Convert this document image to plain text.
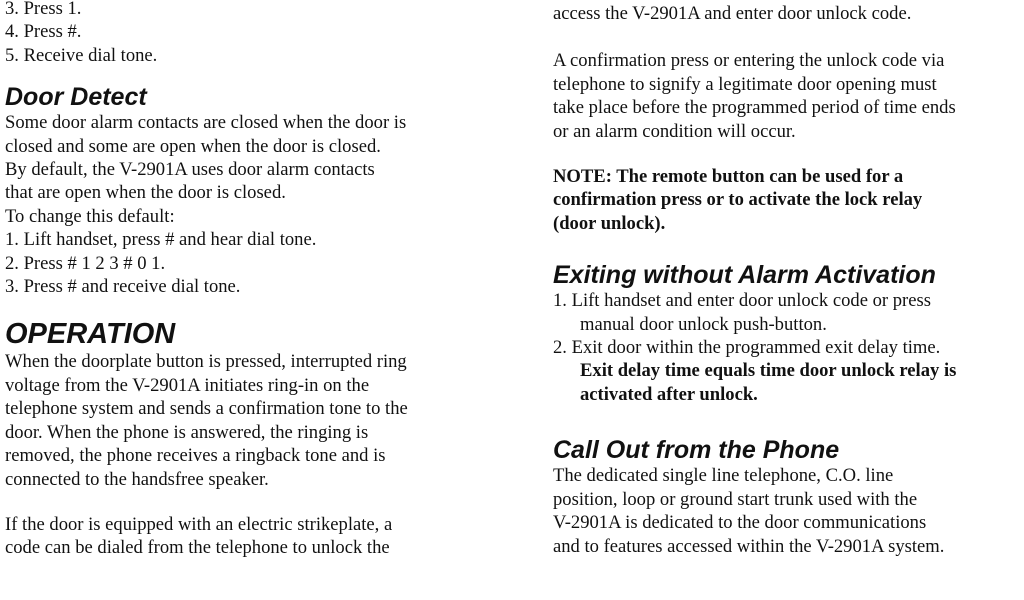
3. Press 1.

4. Press #.

5. Receive dial tone.

Door Detect

Some door alarm contacts are closed when the door is

closed and some are open when the door is closed.

By default, the V-2901A uses door alarm contacts

that are open when the door is closed.

To change this default:

1. Lift handset, press # and hear dial tone.

2. Press # 1 2 3 # 0 1.

3. Press # and receive dial tone.

OPERATION

When the doorplate button is pressed, interrupted ring

voltage from the V-2901A initiates ring-in on the

telephone system and sends a confirmation tone to the

door. When the phone is answered, the ringing is

removed, the phone receives a ringback tone and is

connected to the handsfree speaker.

If the door is equipped with an electric strikeplate, a

code can be dialed from the telephone to unlock the

access the V-2901A and enter door unlock code.

A confirmation press or entering the unlock code via

telephone to signify a legitimate door opening must

take place before the programmed period of time ends

or an alarm condition will occur.

NOTE: The remote button can be used for a

confirmation press or to activate the lock relay

(door unlock).

Exiting without Alarm Activation

1. Lift handset and enter door unlock code or press

manual door unlock push-button.

2. Exit door within the programmed exit delay time.

Exit delay time equals time door unlock relay is

activated after unlock.

Call Out from the Phone

The dedicated single line telephone, C.O. line

position, loop or ground start trunk used with the

V-2901A is dedicated to the door communications

and to features accessed within the V-2901A system.
